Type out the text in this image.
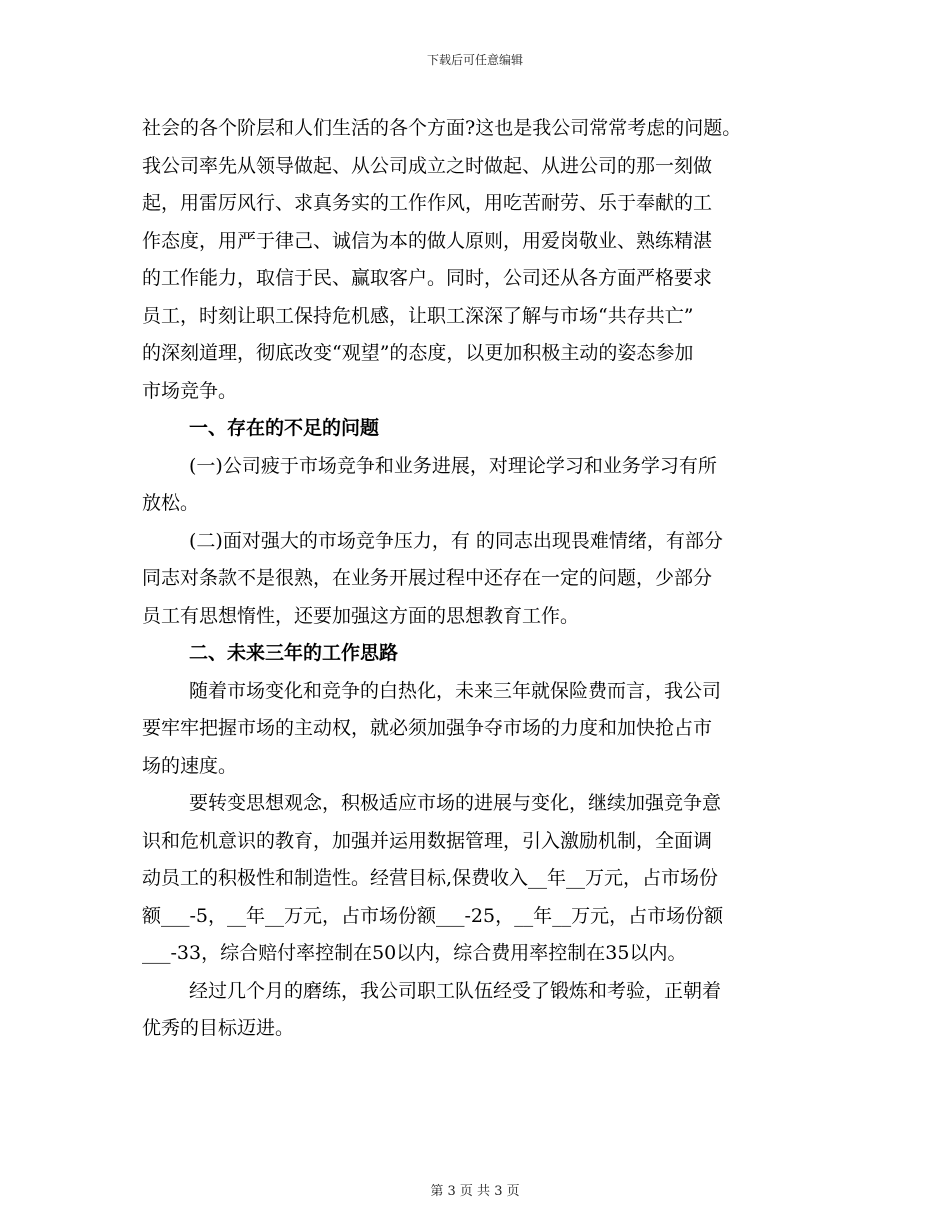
下载后可任意编辑
社会的各个阶层和人们生活的各个方面?这也是我公司常常考虑的问题。
我公司率先从领导做起、从公司成立之时做起、从进公司的那一刻做
起，用雷厉风行、求真务实的工作作风，用吃苦耐劳、乐于奉献的工
作态度，用严于律己、诚信为本的做人原则，用爱岗敬业、熟练精湛
的工作能力，取信于民、赢取客户。同时，公司还从各方面严格要求
员工，时刻让职工保持危机感，让职工深深了解与市场“共存共亡”
的深刻道理，彻底改变“观望”的态度，以更加积极主动的姿态参加
市场竞争。
一、存在的不足的问题
(一)公司疲于市场竞争和业务进展，对理论学习和业务学习有所
放松。
(二)面对强大的市场竞争压力，有 的同志出现畏难情绪，有部分
同志对条款不是很熟，在业务开展过程中还存在一定的问题，少部分
员工有思想惰性，还要加强这方面的思想教育工作。
二、未来三年的工作思路
随着市场变化和竞争的白热化，未来三年就保险费而言，我公司
要牢牢把握市场的主动权，就必须加强争夺市场的力度和加快抢占市
场的速度。
要转变思想观念，积极适应市场的进展与变化，继续加强竞争意
识和危机意识的教育，加强并运用数据管理，引入激励机制，全面调
动员工的积极性和制造性。经营目标,保费收入__年__万元，占市场份
额___-5，__年__万元，占市场份额___-25，__年__万元，占市场份额
___-33，综合赔付率控制在50以内，综合费用率控制在35以内。
经过几个月的磨练，我公司职工队伍经受了锻炼和考验，正朝着
优秀的目标迈进。
第 3 页 共 3 页
